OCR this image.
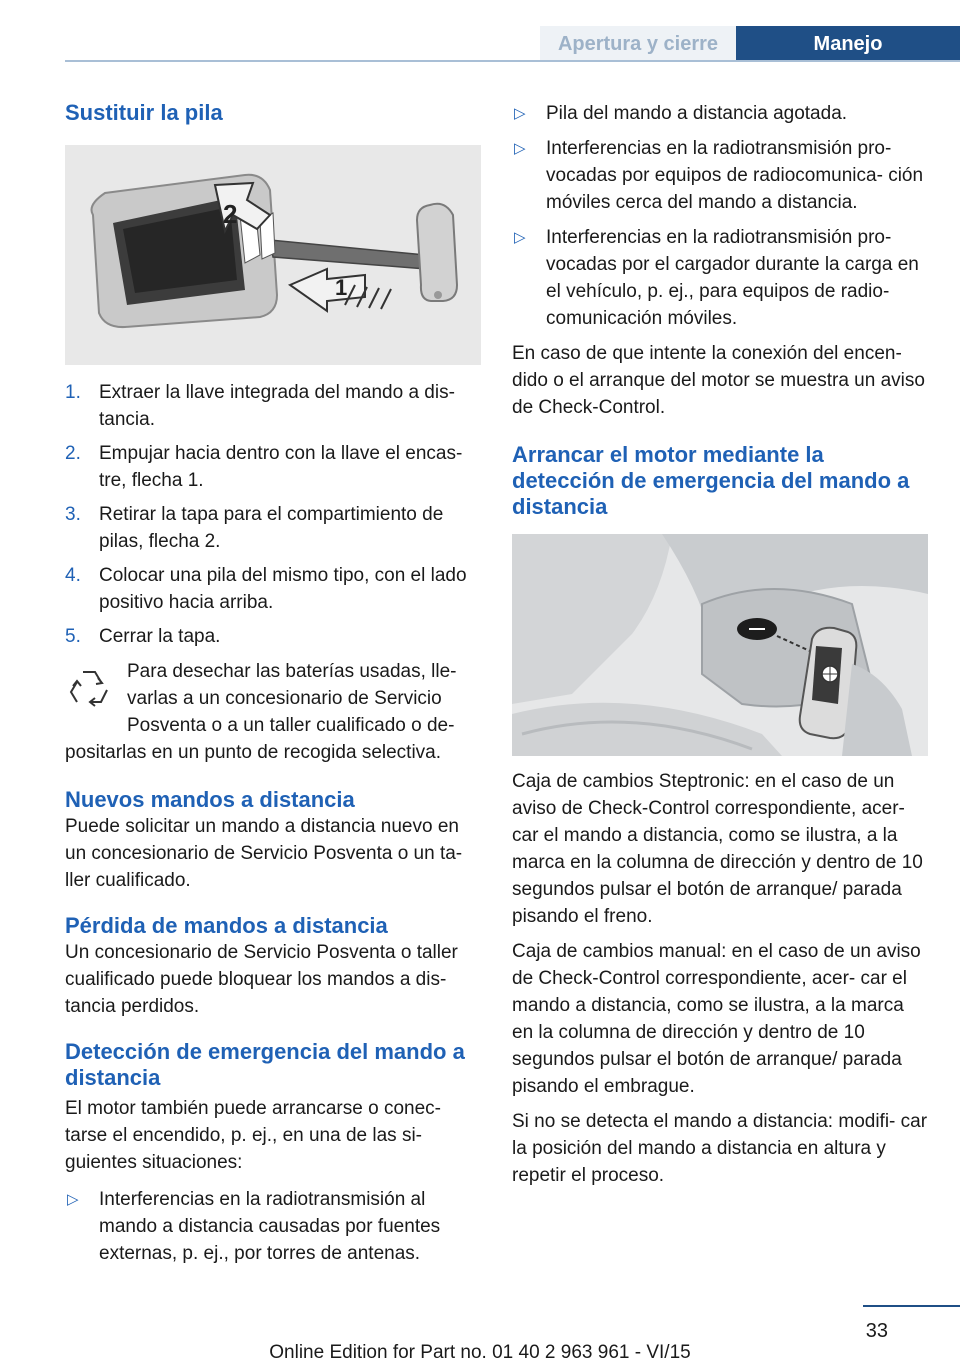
Apertura y cierre	Manejo
Sustituir la pila
2
1
1. Extraer la llave integrada del mando a dis‐ tancia.
2. Empujar hacia dentro con la llave el encas‐ tre, flecha 1.
3. Retirar la tapa para el compartimiento de pilas, flecha 2.
4. Colocar una pila del mismo tipo, con el lado positivo hacia arriba.
5. Cerrar la tapa.
Para desechar las baterías usadas, lle‐ varlas a un concesionario de Servicio Posventa o a un taller cualificado o de‐
positarlas en un punto de recogida selectiva.
Nuevos mandos a distancia

Puede solicitar un mando a distancia nuevo en un concesionario de Servicio Posventa o un ta‐ ller cualificado.

Pérdida de mandos a distancia

Un concesionario de Servicio Posventa o taller cualificado puede bloquear los mandos a dis‐ tancia perdidos.

Detección de emergencia del mando a distancia

El motor también puede arrancarse o conec‐ tarse el encendido, p. ej., en una de las si‐ guientes situaciones:

▷ Interferencias en la radiotransmisión al mando a distancia causadas por fuentes externas, p. ej., por torres de antenas.
▷ Pila del mando a distancia agotada.
▷ Interferencias en la radiotransmisión pro‐ vocadas por equipos de radiocomunica‐ ción móviles cerca del mando a distancia.
▷ Interferencias en la radiotransmisión pro‐ vocadas por el cargador durante la carga en el vehículo, p. ej., para equipos de radio‐ comunicación móviles.

En caso de que intente la conexión del encen‐ dido o el arranque del motor se muestra un aviso de Check-Control.

Arrancar el motor mediante la detección de emergencia del mando a distancia

Caja de cambios Steptronic: en el caso de un aviso de Check-Control correspondiente, acer‐ car el mando a distancia, como se ilustra, a la marca en la columna de dirección y dentro de 10 segundos pulsar el botón de arranque/ parada pisando el freno.

Caja de cambios manual: en el caso de un aviso de Check-Control correspondiente, acer‐ car el mando a distancia, como se ilustra, a la marca en la columna de dirección y dentro de 10 segundos pulsar el botón de arranque/ parada pisando el embrague.

Si no se detecta el mando a distancia: modifi‐ car la posición del mando a distancia en altura y repetir el proceso.

33
Online Edition for Part no. 01 40 2 963 961 - VI/15
